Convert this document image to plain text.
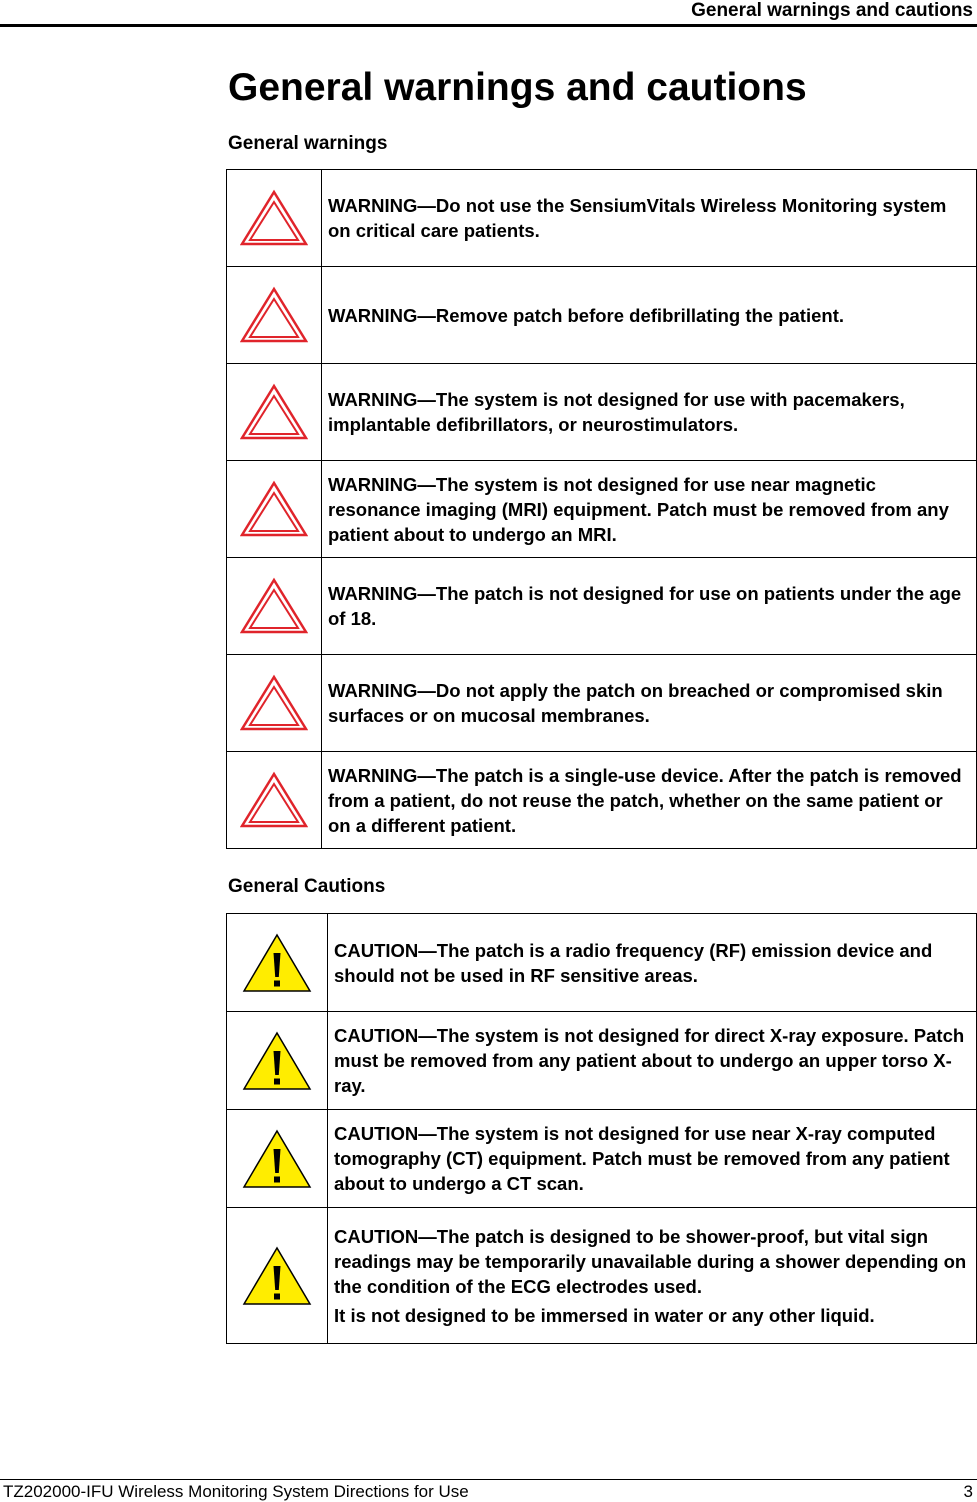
General warnings and cautions
General warnings and cautions
General warnings
	WARNING—Do not use the SensiumVitals Wireless Monitoring system on critical care patients.

	WARNING—Remove patch before defibrillating the patient.

	WARNING—The system is not designed for use with pacemakers, implantable defibrillators, or neurostimulators.

	WARNING—The system is not designed for use near magnetic resonance imaging (MRI) equipment. Patch must be removed from any patient about to undergo an MRI.

	WARNING—The patch is not designed for use on patients under the age of 18.

	WARNING—Do not apply the patch on breached or compromised skin surfaces or on mucosal membranes.

	WARNING—The patch is a single-use device. After the patch is removed from a patient, do not reuse the patch, whether on the same patient or on a different patient.
General Cautions
	CAUTION—The patch is a radio frequency (RF) emission device and should not be used in RF sensitive areas.

	CAUTION—The system is not designed for direct X-ray exposure. Patch must be removed from any patient about to undergo an upper torso X-ray.

	CAUTION—The system is not designed for use near X-ray computed tomography (CT) equipment. Patch must be removed from any patient about to undergo a CT scan.

CAUTION—The patch is designed to be shower-proof, but vital sign readings may be temporarily unavailable during a shower depending on the condition of the ECG electrodes used.
It is not designed to be immersed in water or any other liquid.
TZ202000-IFU Wireless Monitoring System Directions for Use	3
